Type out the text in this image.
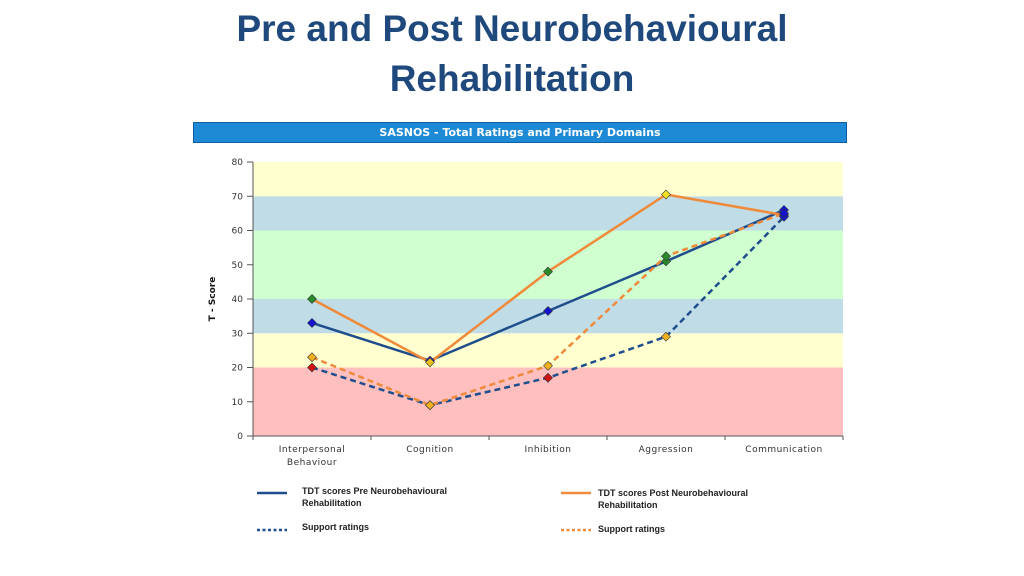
Pre and Post Neurobehavioural
Rehabilitation
SASNOS - Total Ratings and Primary Domains
0
10
20
30
40
50
60
70
80
Interpersonal
Behaviour
Cognition	Inhibition	Aggression	Communication
T - Score
TDT scores Pre Neurobehavioural Rehabilitation
TDT scores Post Neurobehavioural Rehabilitation
Support ratings	Support ratings
